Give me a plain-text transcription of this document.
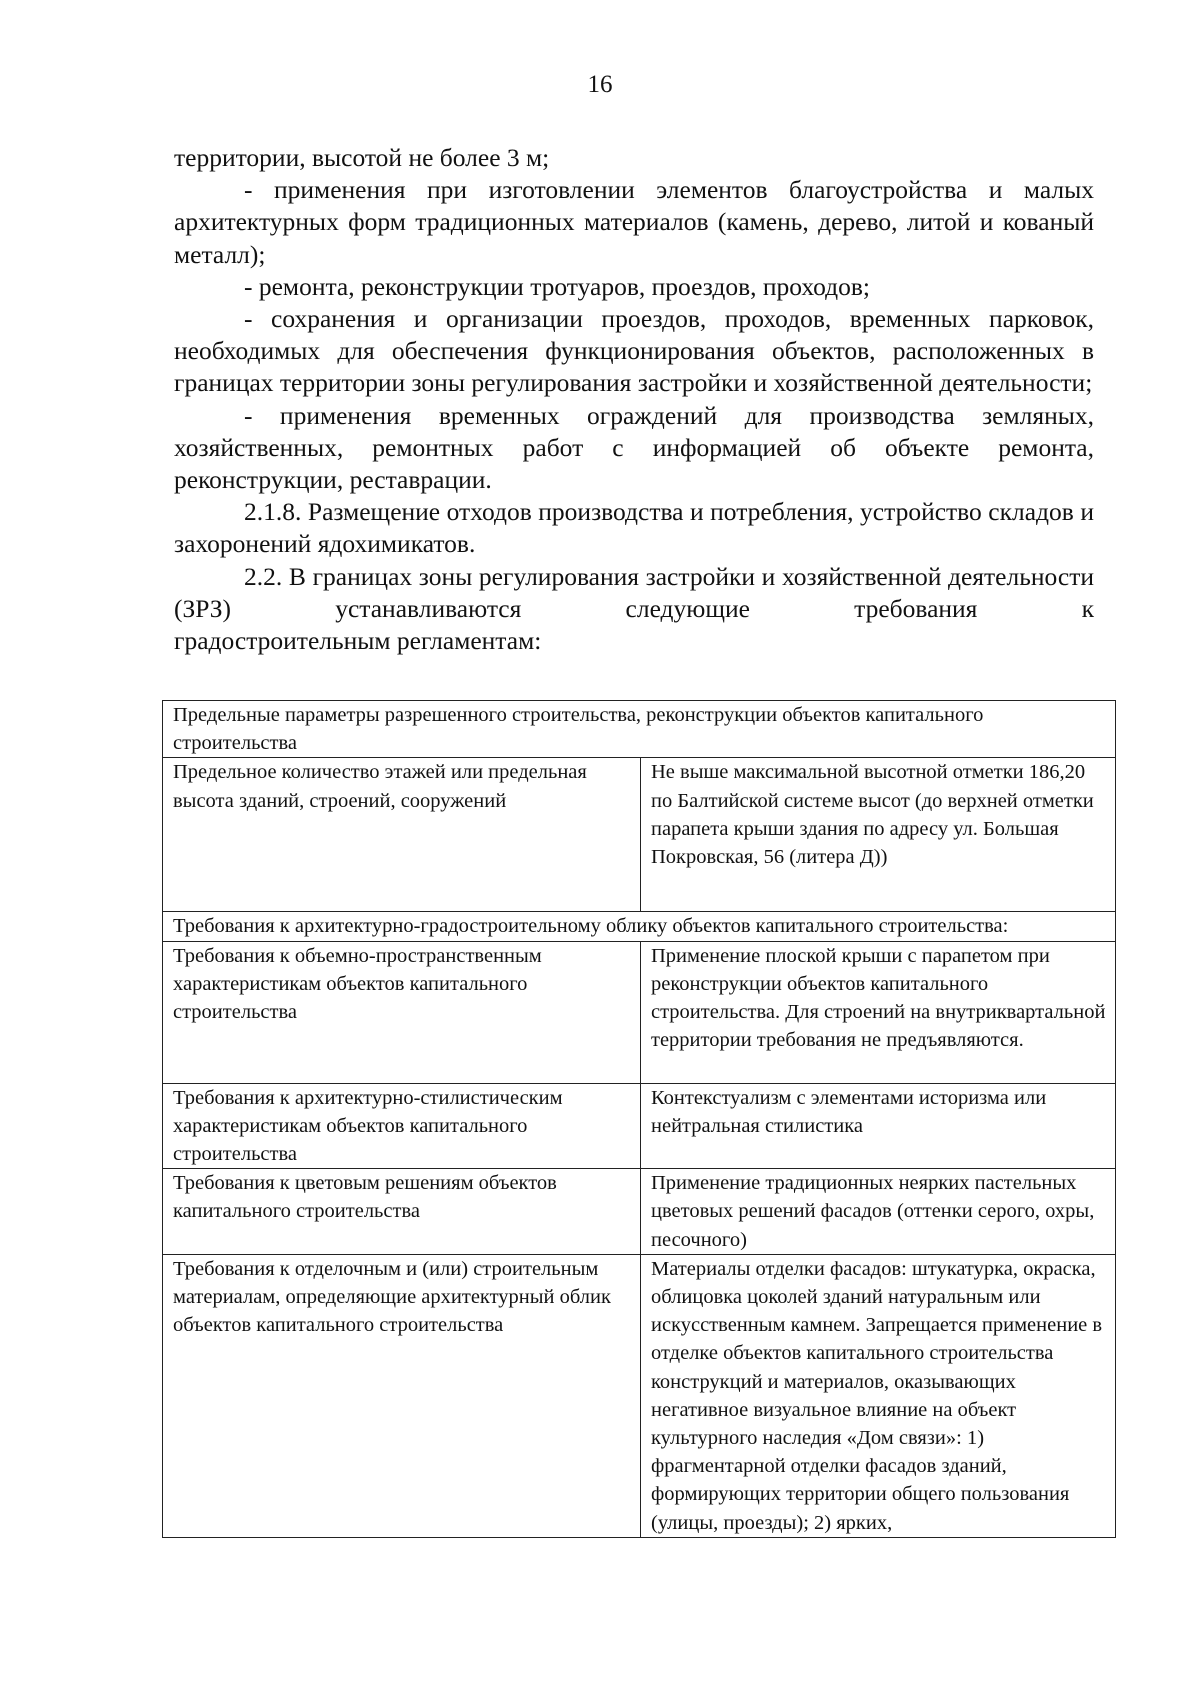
16

территории, высотой не более 3 м;

- применения при изготовлении элементов благоустройства и малых архитектурных форм традиционных материалов (камень, дерево, литой и кованый металл);

- ремонта, реконструкции тротуаров, проездов, проходов;

- сохранения и организации проездов, проходов, временных парковок, необходимых для обеспечения функционирования объектов, расположенных в границах территории зоны регулирования застройки и хозяйственной деятельности;

- применения временных ограждений для производства земляных, хозяйственных, ремонтных работ с информацией об объекте ремонта, реконструкции, реставрации.

2.1.8. Размещение отходов производства и потребления, устройство складов и захоронений ядохимикатов.

2.2. В границах зоны регулирования застройки и хозяйственной деятельности (ЗРЗ) устанавливаются следующие требования к

градостроительным регламентам:

Предельные параметры разрешенного строительства, реконструкции объектов капитального строительства	
Предельное количество этажей или предельная высота зданий, строений, сооружений	Не выше максимальной высотной отметки 186,20 по Балтийской системе высот (до верхней отметки парапета крыши здания по адресу ул. Большая Покровская, 56 (литера Д))
Требования к архитектурно-градостроительному облику объектов капитального строительства:	
Требования к объемно-пространственным характеристикам объектов капитального строительства	Применение плоской крыши с парапетом при реконструкции объектов капитального строительства. Для строений на внутриквартальной территории требования не предъявляются.
Требования к архитектурно-стилистическим характеристикам объектов капитального строительства	Контекстуализм с элементами историзма или нейтральная стилистика
Требования к цветовым решениям объектов капитального строительства	Применение традиционных неярких пастельных цветовых решений фасадов (оттенки серого, охры, песочного)
Требования к отделочным и (или) строительным материалам, определяющие архитектурный облик объектов капитального строительства	Материалы отделки фасадов: штукатурка, окраска, облицовка цоколей зданий натуральным или искусственным камнем. Запрещается применение в отделке объектов капитального строительства конструкций и материалов, оказывающих негативное визуальное влияние на объект культурного наследия «Дом связи»: 1) фрагментарной отделки фасадов зданий, формирующих территории общего пользования (улицы, проезды); 2) ярких,
